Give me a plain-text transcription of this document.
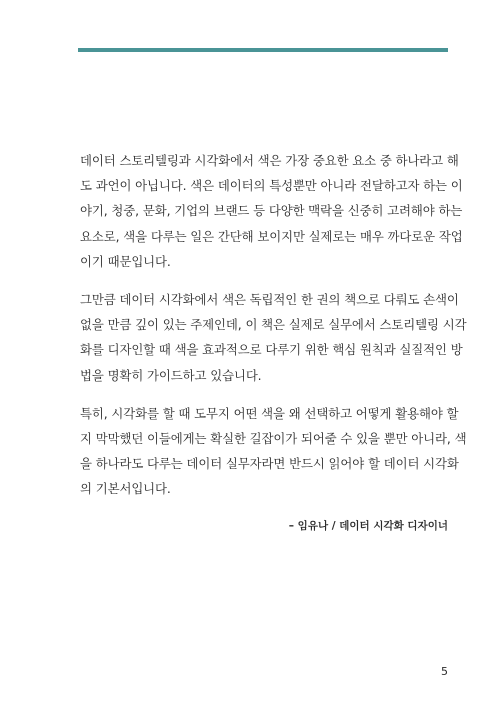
데이터 스토리텔링과 시각화에서 색은 가장 중요한 요소 중 하나라고 해
도 과언이 아닙니다. 색은 데이터의 특성뿐만 아니라 전달하고자 하는 이
야기, 청중, 문화, 기업의 브랜드 등 다양한 맥락을 신중히 고려해야 하는
요소로, 색을 다루는 일은 간단해 보이지만 실제로는 매우 까다로운 작업
이기 때문입니다.

그만큼 데이터 시각화에서 색은 독립적인 한 권의 책으로 다뤄도 손색이
없을 만큼 깊이 있는 주제인데, 이 책은 실제로 실무에서 스토리텔링 시각
화를 디자인할 때 색을 효과적으로 다루기 위한 핵심 원칙과 실질적인 방
법을 명확히 가이드하고 있습니다.

특히, 시각화를 할 때 도무지 어떤 색을 왜 선택하고 어떻게 활용해야 할
지 막막했던 이들에게는 확실한 길잡이가 되어줄 수 있을 뿐만 아니라, 색
을 하나라도 다루는 데이터 실무자라면 반드시 읽어야 할 데이터 시각화
의 기본서입니다.

– 임유나 / 데이터 시각화 디자이너
5
